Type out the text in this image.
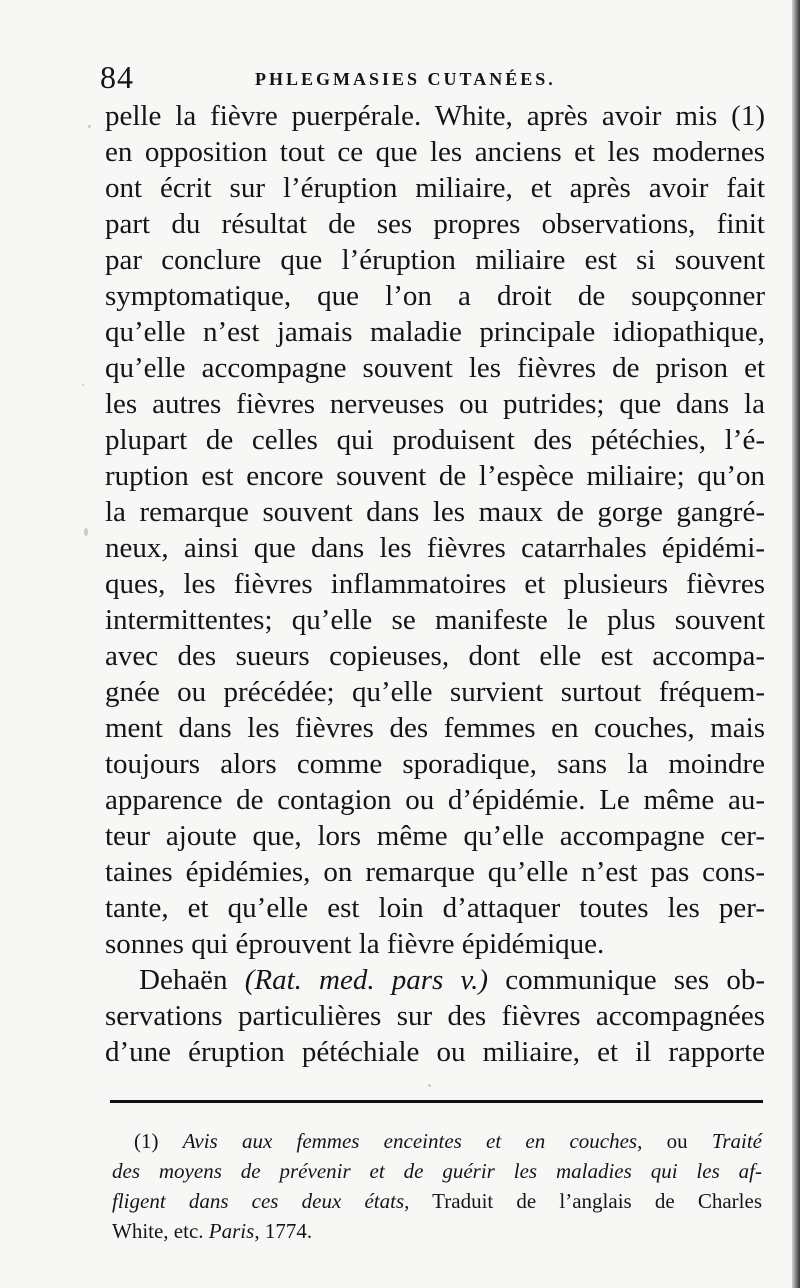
84	PHLEGMASIES CUTANÉES.
pelle la fièvre puerpérale. White, après avoir mis (1)
en opposition tout ce que les anciens et les modernes
ont écrit sur l’éruption miliaire, et après avoir fait
part du résultat de ses propres observations, finit
par conclure que l’éruption miliaire est si souvent
symptomatique, que l’on a droit de soupçonner
qu’elle n’est jamais maladie principale idiopathique,
qu’elle accompagne souvent les fièvres de prison et
les autres fièvres nerveuses ou putrides; que dans la
plupart de celles qui produisent des pétéchies, l’é-
ruption est encore souvent de l’espèce miliaire; qu’on
la remarque souvent dans les maux de gorge gangré-
neux, ainsi que dans les fièvres catarrhales épidémi-
ques, les fièvres inflammatoires et plusieurs fièvres
intermittentes; qu’elle se manifeste le plus souvent
avec des sueurs copieuses, dont elle est accompa-
gnée ou précédée; qu’elle survient surtout fréquem-
ment dans les fièvres des femmes en couches, mais
toujours alors comme sporadique, sans la moindre
apparence de contagion ou d’épidémie. Le même au-
teur ajoute que, lors même qu’elle accompagne cer-
taines épidémies, on remarque qu’elle n’est pas cons-
tante, et qu’elle est loin d’attaquer toutes les per-
sonnes qui éprouvent la fièvre épidémique.
Dehaën (Rat. med. pars v.) communique ses ob-
servations particulières sur des fièvres accompagnées
d’une éruption pétéchiale ou miliaire, et il rapporte
(1) Avis aux femmes enceintes et en couches, ou Traité
des moyens de prévenir et de guérir les maladies qui les af-
fligent dans ces deux états, Traduit de l’anglais de Charles
White, etc. Paris, 1774.
